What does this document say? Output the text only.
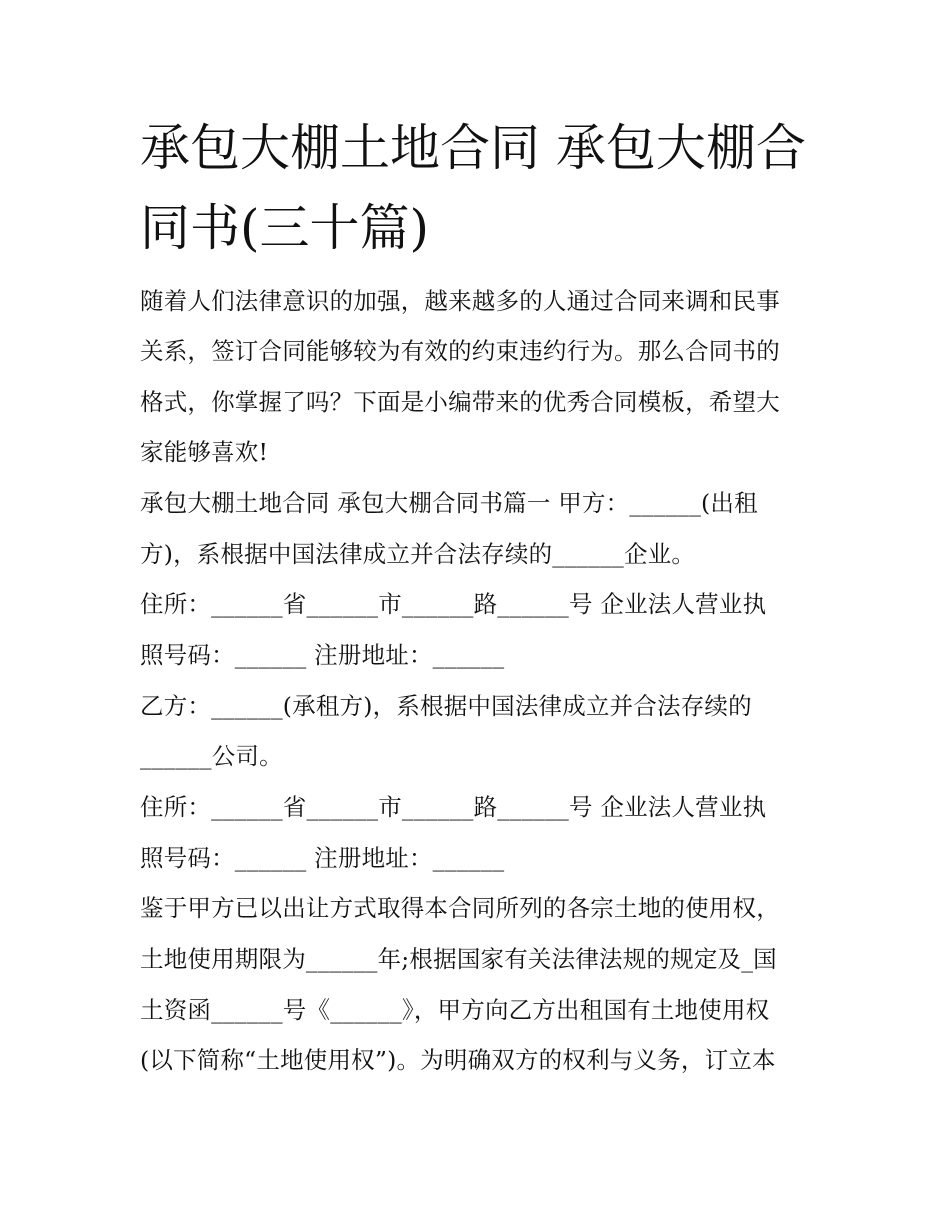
承包大棚土地合同 承包大棚合
同书(三十篇)

随着人们法律意识的加强，越来越多的人通过合同来调和民事

关系，签订合同能够较为有效的约束违约行为。那么合同书的

格式，你掌握了吗？下面是小编带来的优秀合同模板，希望大

家能够喜欢!

承包大棚土地合同 承包大棚合同书篇一 甲方：______(出租

方)，系根据中国法律成立并合法存续的______企业。

住所：______省______市______路______号 企业法人营业执

照号码：______ 注册地址：______

乙方：______(承租方)，系根据中国法律成立并合法存续的

______公司。

住所：______省______市______路______号 企业法人营业执

照号码：______ 注册地址：______

鉴于甲方已以出让方式取得本合同所列的各宗土地的使用权，

土地使用期限为______年;根据国家有关法律法规的规定及_国

土资函______号《______》，甲方向乙方出租国有土地使用权

(以下简称“土地使用权”)。为明确双方的权利与义务，订立本
